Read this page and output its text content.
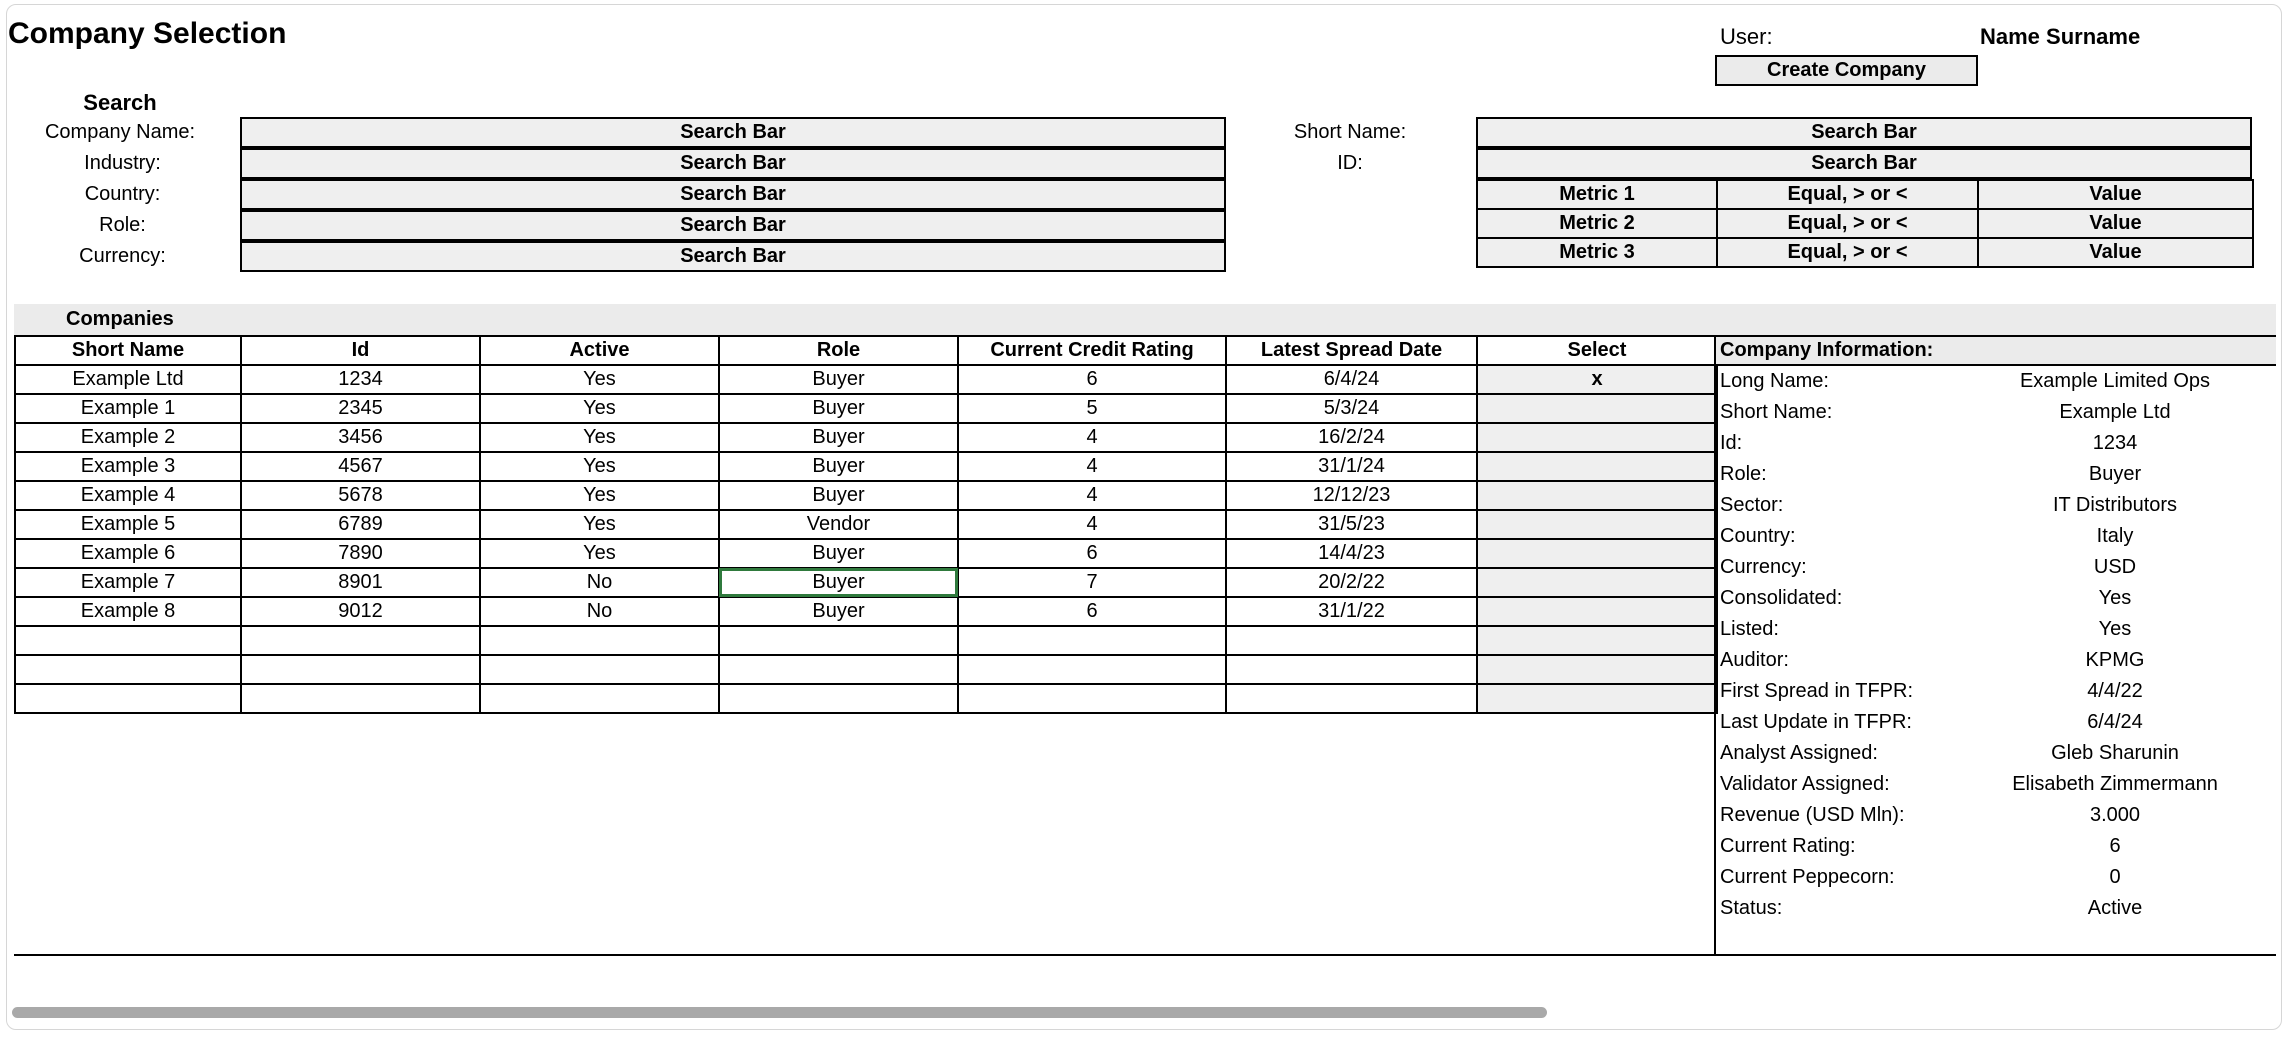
Company Selection	User:	Name Surname
Create Company
Search
Company Name:	Search Bar
Industry:	Search Bar
Country:	Search Bar
Role:	Search Bar
Currency:	Search Bar
Short Name:	Search Bar
ID:	Search Bar
Metric 1	Equal, > or <	Value
Metric 2	Equal, > or <	Value
Metric 3	Equal, > or <	Value
Companies
Short Name	Id	Active	Role	Current Credit Rating	Latest Spread Date	Select
Example Ltd	1234	Yes	Buyer	6	6/4/24	x
Example 1	2345	Yes	Buyer	5	5/3/24	
Example 2	3456	Yes	Buyer	4	16/2/24	
Example 3	4567	Yes	Buyer	4	31/1/24	
Example 4	5678	Yes	Buyer	4	12/12/23	
Example 5	6789	Yes	Vendor	4	31/5/23	
Example 6	7890	Yes	Buyer	6	14/4/23	
Example 7	8901	No	Buyer	7	20/2/22	
Example 8	9012	No	Buyer	6	31/1/22	

Company Information:
Long Name:	Example Limited Ops
Short Name:	Example Ltd
Id:	1234
Role:	Buyer
Sector:	IT Distributors
Country:	Italy
Currency:	USD
Consolidated:	Yes
Listed:	Yes
Auditor:	KPMG
First Spread in TFPR:	4/4/22
Last Update in TFPR:	6/4/24
Analyst Assigned:	Gleb Sharunin
Validator Assigned:	Elisabeth Zimmermann
Revenue (USD Mln):	3.000
Current Rating:	6
Current Peppecorn:	0
Status:	Active
